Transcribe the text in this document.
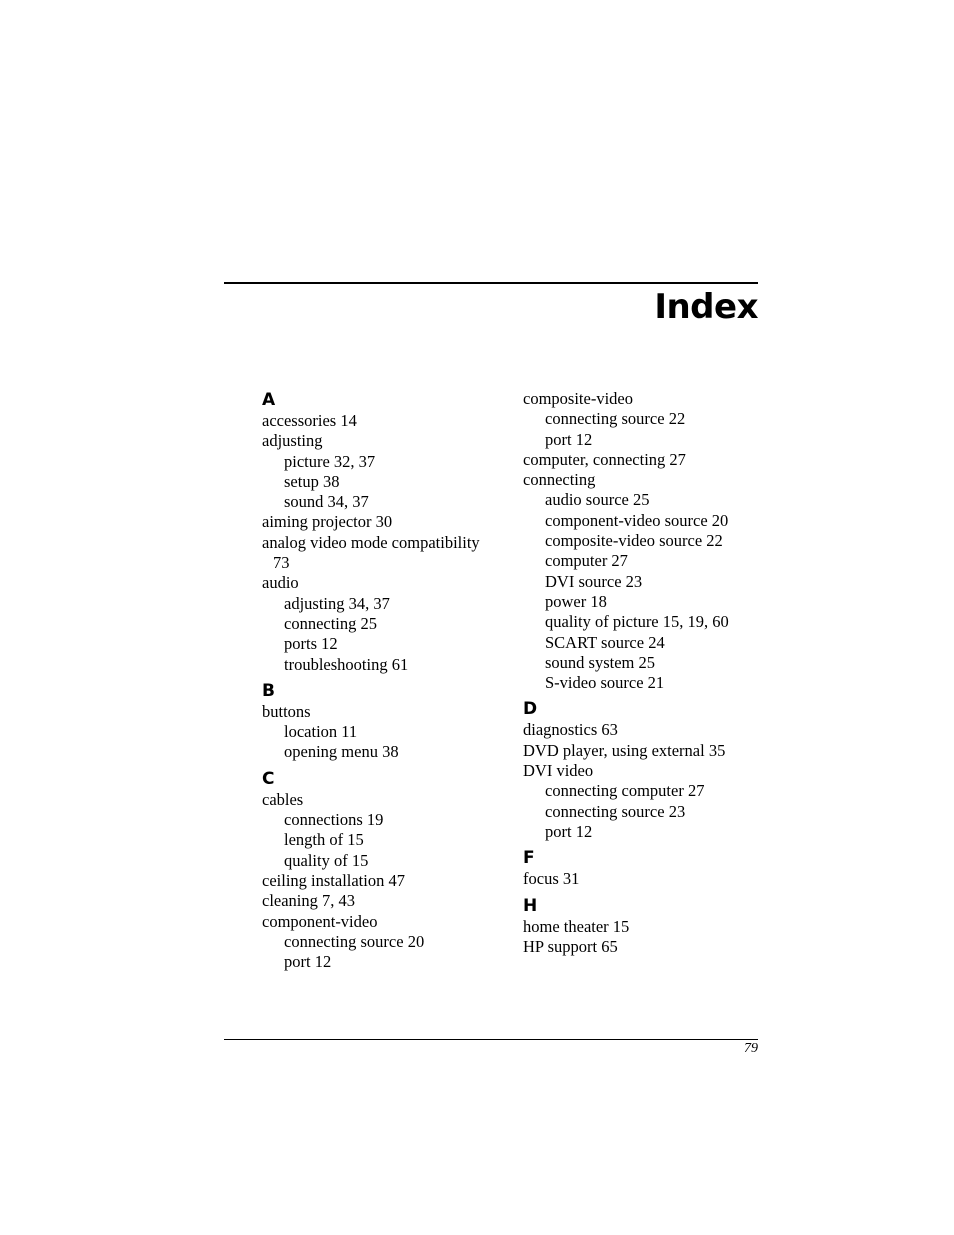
Index
A
accessories 14
adjusting
picture 32, 37
setup 38
sound 34, 37
aiming projector 30
analog video mode compatibility
73
audio
adjusting 34, 37
connecting 25
ports 12
troubleshooting 61
B
buttons
location 11
opening menu 38
C
cables
connections 19
length of 15
quality of 15
ceiling installation 47
cleaning 7, 43
component-video
connecting source 20
port 12
composite-video
connecting source 22
port 12
computer, connecting 27
connecting
audio source 25
component-video source 20
composite-video source 22
computer 27
DVI source 23
power 18
quality of picture 15, 19, 60
SCART source 24
sound system 25
S-video source 21
D
diagnostics 63
DVD player, using external 35
DVI video
connecting computer 27
connecting source 23
port 12
F
focus 31
H
home theater 15
HP support 65
79
